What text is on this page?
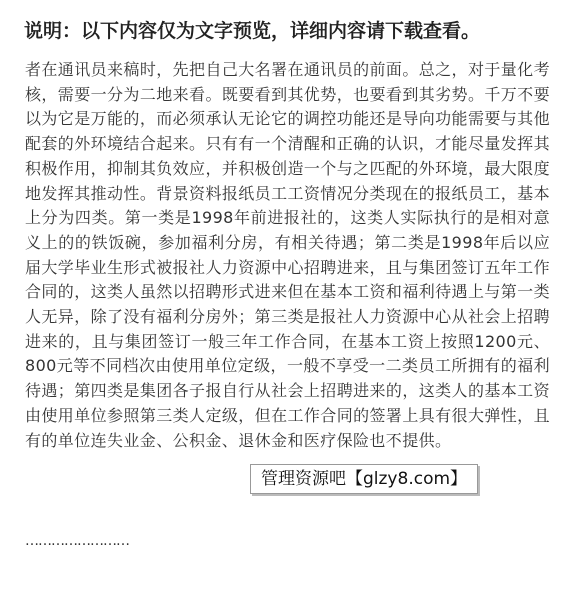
说明：以下内容仅为文字预览，详细内容请下载查看。

者在通讯员来稿时，先把自己大名署在通讯员的前面。总之，对于量化考核，需要一分为二地来看。既要看到其优势，也要看到其劣势。千万不要以为它是万能的，而必须承认无论它的调控功能还是导向功能需要与其他配套的外环境结合起来。只有有一个清醒和正确的认识，才能尽量发挥其积极作用，抑制其负效应，并积极创造一个与之匹配的外环境，最大限度地发挥其推动性。背景资料报纸员工工资情况分类现在的报纸员工，基本上分为四类。第一类是1998年前进报社的，这类人实际执行的是相对意义上的的铁饭碗，参加福利分房，有相关待遇；第二类是1998年后以应届大学毕业生形式被报社人力资源中心招聘进来，且与集团签订五年工作合同的，这类人虽然以招聘形式进来但在基本工资和福利待遇上与第一类人无异，除了没有福利分房外；第三类是报社人力资源中心从社会上招聘进来的，且与集团签订一般三年工作合同，在基本工资上按照1200元、800元等不同档次由使用单位定级，一般不享受一二类员工所拥有的福利待遇；第四类是集团各子报自行从社会上招聘进来的，这类人的基本工资由使用单位参照第三类人定级，但在工作合同的签署上具有很大弹性，且有的单位连失业金、公积金、退休金和医疗保险也不提供。

……………………
管理资源吧【glzy8.com】
